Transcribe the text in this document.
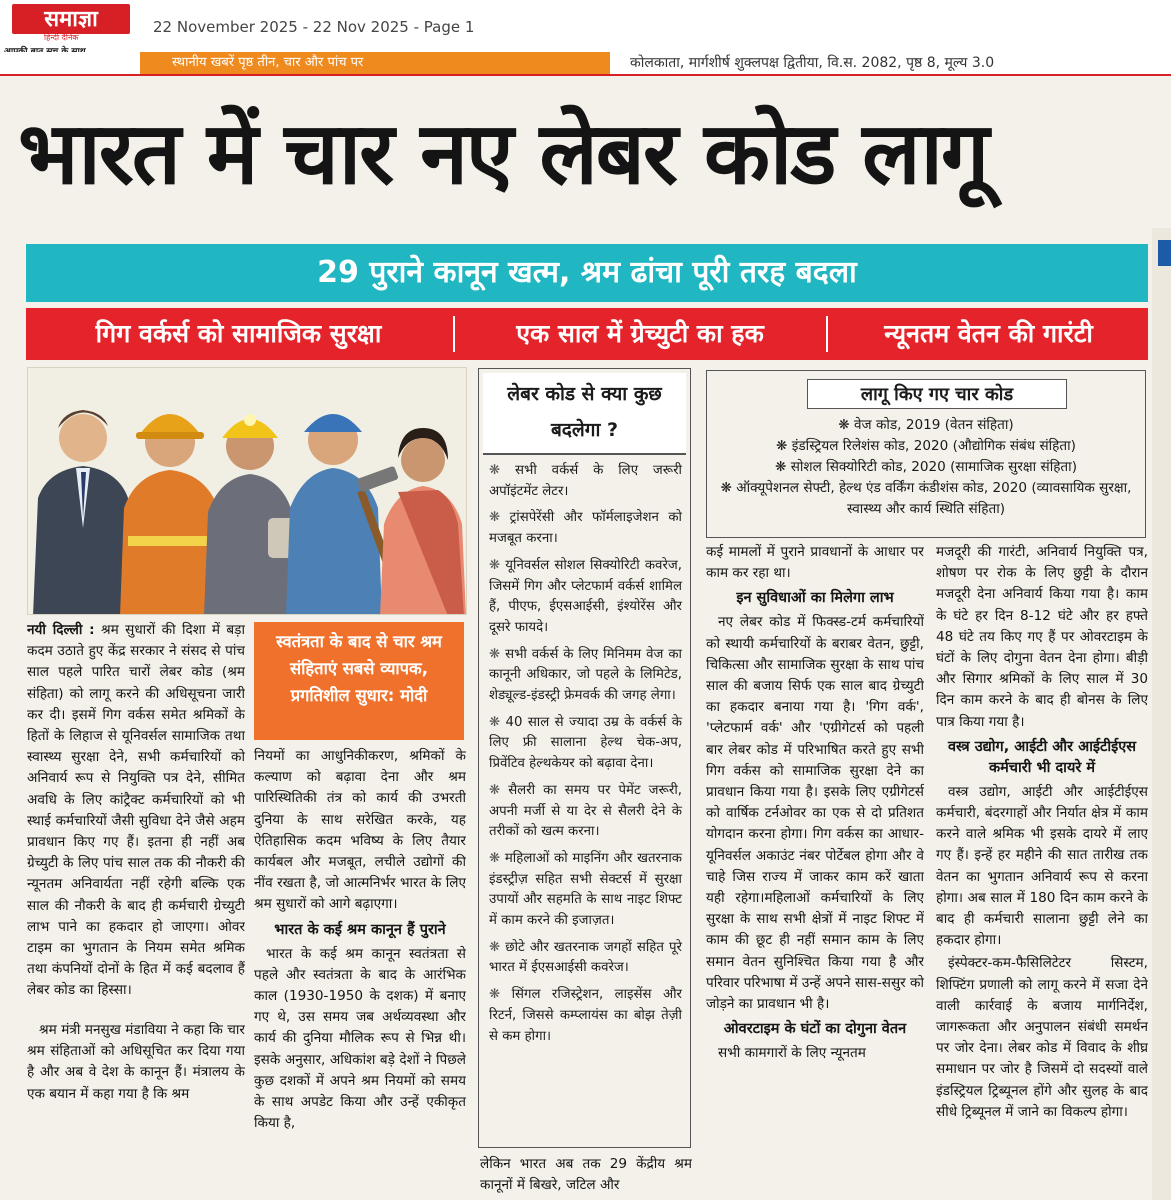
समाज्ञा
हिन्दी दैनिक
22 November 2025 - 22 Nov 2025 - Page 1
स्थानीय खबरें पृष्ठ तीन, चार और पांच पर	कोलकाता, मार्गशीर्ष शुक्लपक्ष द्वितीया, वि.स. 2082, पृष्ठ 8, मूल्य 3.0
भारत में चार नए लेबर कोड लागू
29 पुराने कानून खत्म, श्रम ढांचा पूरी तरह बदला
गिग वर्कर्स को सामाजिक सुरक्षा	एक साल में ग्रेच्युटी का हक	न्यूनतम वेतन की गारंटी

नयी दिल्ली : श्रम सुधारों की दिशा में बड़ा कदम उठाते हुए केंद्र सरकार ने संसद से पांच साल पहले पारित चारों लेबर कोड (श्रम संहिता) को लागू करने की अधिसूचना जारी कर दी। इसमें गिग वर्कस समेत श्रमिकों के हितों के लिहाज से यूनिवर्सल सामाजिक तथा स्वास्थ्य सुरक्षा देने, सभी कर्मचारियों को अनिवार्य रूप से नियुक्ति पत्र देने, सीमित अवधि के लिए कांट्रैक्ट कर्मचारियों को भी स्थाई कर्मचारियों जैसी सुविधा देने जैसे अहम प्रावधान किए गए हैं। इतना ही नहीं अब ग्रेच्युटी के लिए पांच साल तक की नौकरी की न्यूनतम अनिवार्यता नहीं रहेगी बल्कि एक साल की नौकरी के बाद ही कर्मचारी ग्रेच्युटी लाभ पाने का हकदार हो जाएगा। ओवर टाइम का भुगतान के नियम समेत श्रमिक तथा कंपनियों दोनों के हित में कई बदलाव हैं लेबर कोड का हिस्सा।

श्रम मंत्री मनसुख मंडाविया ने कहा कि चार श्रम संहिताओं को अधिसूचित कर दिया गया है और अब वे देश के कानून हैं। मंत्रालय के एक बयान में कहा गया है कि श्रम

स्वतंत्रता के बाद से चार श्रम संहिताएं सबसे व्यापक, प्रगतिशील सुधार: मोदी

नियमों का आधुनिकीकरण, श्रमिकों के कल्याण को बढ़ावा देना और श्रम पारिस्थितिकी तंत्र को कार्य की उभरती दुनिया के साथ सरेखित करके, यह ऐतिहासिक कदम भविष्य के लिए तैयार कार्यबल और मजबूत, लचीले उद्योगों की नींव रखता है, जो आत्मनिर्भर भारत के लिए श्रम सुधारों को आगे बढ़ाएगा।

भारत के कई श्रम कानून हैं पुराने

भारत के कई श्रम कानून स्वतंत्रता से पहले और स्वतंत्रता के बाद के आरंभिक काल (1930-1950 के दशक) में बनाए गए थे, उस समय जब अर्थव्यवस्था और कार्य की दुनिया मौलिक रूप से भिन्न थी। इसके अनुसार, अधिकांश बड़े देशों ने पिछले कुछ दशकों में अपने श्रम नियमों को समय के साथ अपडेट किया और उन्हें एकीकृत किया है,

लेबर कोड से क्या कुछ बदलेगा ?
❋ सभी वर्कर्स के लिए जरूरी अपॉइंटमेंट लेटर।
❋ ट्रांसपेरेंसी और फॉर्मलाइजेशन को मजबूत करना।
❋ यूनिवर्सल सोशल सिक्योरिटी कवरेज, जिसमें गिग और प्लेटफार्म वर्कर्स शामिल हैं, पीएफ, ईएसआईसी, इंश्योरेंस और दूसरे फायदे।
❋ सभी वर्कर्स के लिए मिनिमम वेज का कानूनी अधिकार, जो पहले के लिमिटेड, शेड्यूल्ड-इंडस्ट्री फ्रेमवर्क की जगह लेगा।
❋ 40 साल से ज्यादा उम्र के वर्कर्स के लिए फ्री सालाना हेल्थ चेक-अप, प्रिवेंटिव हेल्थकेयर को बढ़ावा देना।
❋ सैलरी का समय पर पेमेंट जरूरी, अपनी मर्जी से या देर से सैलरी देने के तरीकों को खत्म करना।
❋ महिलाओं को माइनिंग और खतरनाक इंडस्ट्रीज़ सहित सभी सेक्टर्स में सुरक्षा उपायों और सहमति के साथ नाइट शिफ्ट में काम करने की इजाज़त।
❋ छोटे और खतरनाक जगहों सहित पूरे भारत में ईएसआईसी कवरेज।
❋ सिंगल रजिस्ट्रेशन, लाइसेंस और रिटर्न, जिससे कम्प्लायंस का बोझ तेज़ी से कम होगा।

लेकिन भारत अब तक 29 केंद्रीय श्रम कानूनों में बिखरे, जटिल और

लागू किए गए चार कोड
❋ वेज कोड, 2019 (वेतन संहिता)
❋ इंडस्ट्रियल रिलेशंस कोड, 2020 (औद्योगिक संबंध संहिता)
❋ सोशल सिक्योरिटी कोड, 2020 (सामाजिक सुरक्षा संहिता)
❋ ऑक्यूपेशनल सेफ्टी, हेल्थ एंड वर्किंग कंडीशंस कोड, 2020 (व्यावसायिक सुरक्षा, स्वास्थ्य और कार्य स्थिति संहिता)

कई मामलों में पुराने प्रावधानों के आधार पर काम कर रहा था।

इन सुविधाओं का मिलेगा लाभ

नए लेबर कोड में फिक्स्ड-टर्म कर्मचारियों को स्थायी कर्मचारियों के बराबर वेतन, छुट्टी, चिकित्सा और सामाजिक सुरक्षा के साथ पांच साल की बजाय सिर्फ एक साल बाद ग्रेच्युटी का हकदार बनाया गया है। 'गिग वर्क', 'प्लेटफार्म वर्क' और 'एग्रीगेटर्स को पहली बार लेबर कोड में परिभाषित करते हुए सभी गिग वर्कस को सामाजिक सुरक्षा देने का प्रावधान किया गया है। इसके लिए एग्रीगेटर्स को वार्षिक टर्नओवर का एक से दो प्रतिशत योगदान करना होगा। गिग वर्कस का आधार-यूनिवर्सल अकाउंट नंबर पोर्टेबल होगा और वे चाहे जिस राज्य में जाकर काम करें खाता यही रहेगा।महिलाओं कर्मचारियों के लिए सुरक्षा के साथ सभी क्षेत्रों में नाइट शिफ्ट में काम की छूट ही नहीं समान काम के लिए समान वेतन सुनिश्चित किया गया है और परिवार परिभाषा में उन्हें अपने सास-ससुर को जोड़ने का प्रावधान भी है।

ओवरटाइम के घंटों का दोगुना वेतन

सभी कामगारों के लिए न्यूनतम

मजदूरी की गारंटी, अनिवार्य नियुक्ति पत्र, शोषण पर रोक के लिए छुट्टी के दौरान मजदूरी देना अनिवार्य किया गया है। काम के घंटे हर दिन 8-12 घंटे और हर हफ्ते 48 घंटे तय किए गए हैं पर ओवरटाइम के घंटों के लिए दोगुना वेतन देना होगा। बीड़ी और सिगार श्रमिकों के लिए साल में 30 दिन काम करने के बाद ही बोनस के लिए पात्र किया गया है।

वस्त्र उद्योग, आईटी और आईटीईएस कर्मचारी भी दायरे में

वस्त्र उद्योग, आईटी और आईटीईएस कर्मचारी, बंदरगाहों और निर्यात क्षेत्र में काम करने वाले श्रमिक भी इसके दायरे में लाए गए हैं। इन्हें हर महीने की सात तारीख तक वेतन का भुगतान अनिवार्य रूप से करना होगा। अब साल में 180 दिन काम करने के बाद ही कर्मचारी सालाना छुट्टी लेने का हकदार होगा।

इंस्पेक्टर-कम-फैसिलिटेटर सिस्टम, शिफ्टिंग प्रणाली को लागू करने में सजा देने वाली कार्रवाई के बजाय मार्गनिर्देश, जागरूकता और अनुपालन संबंधी समर्थन पर जोर देना। लेबर कोड में विवाद के शीघ्र समाधान पर जोर है जिसमें दो सदस्यों वाले इंडस्ट्रियल ट्रिब्यूनल होंगे और सुलह के बाद सीधे ट्रिब्यूनल में जाने का विकल्प होगा।
